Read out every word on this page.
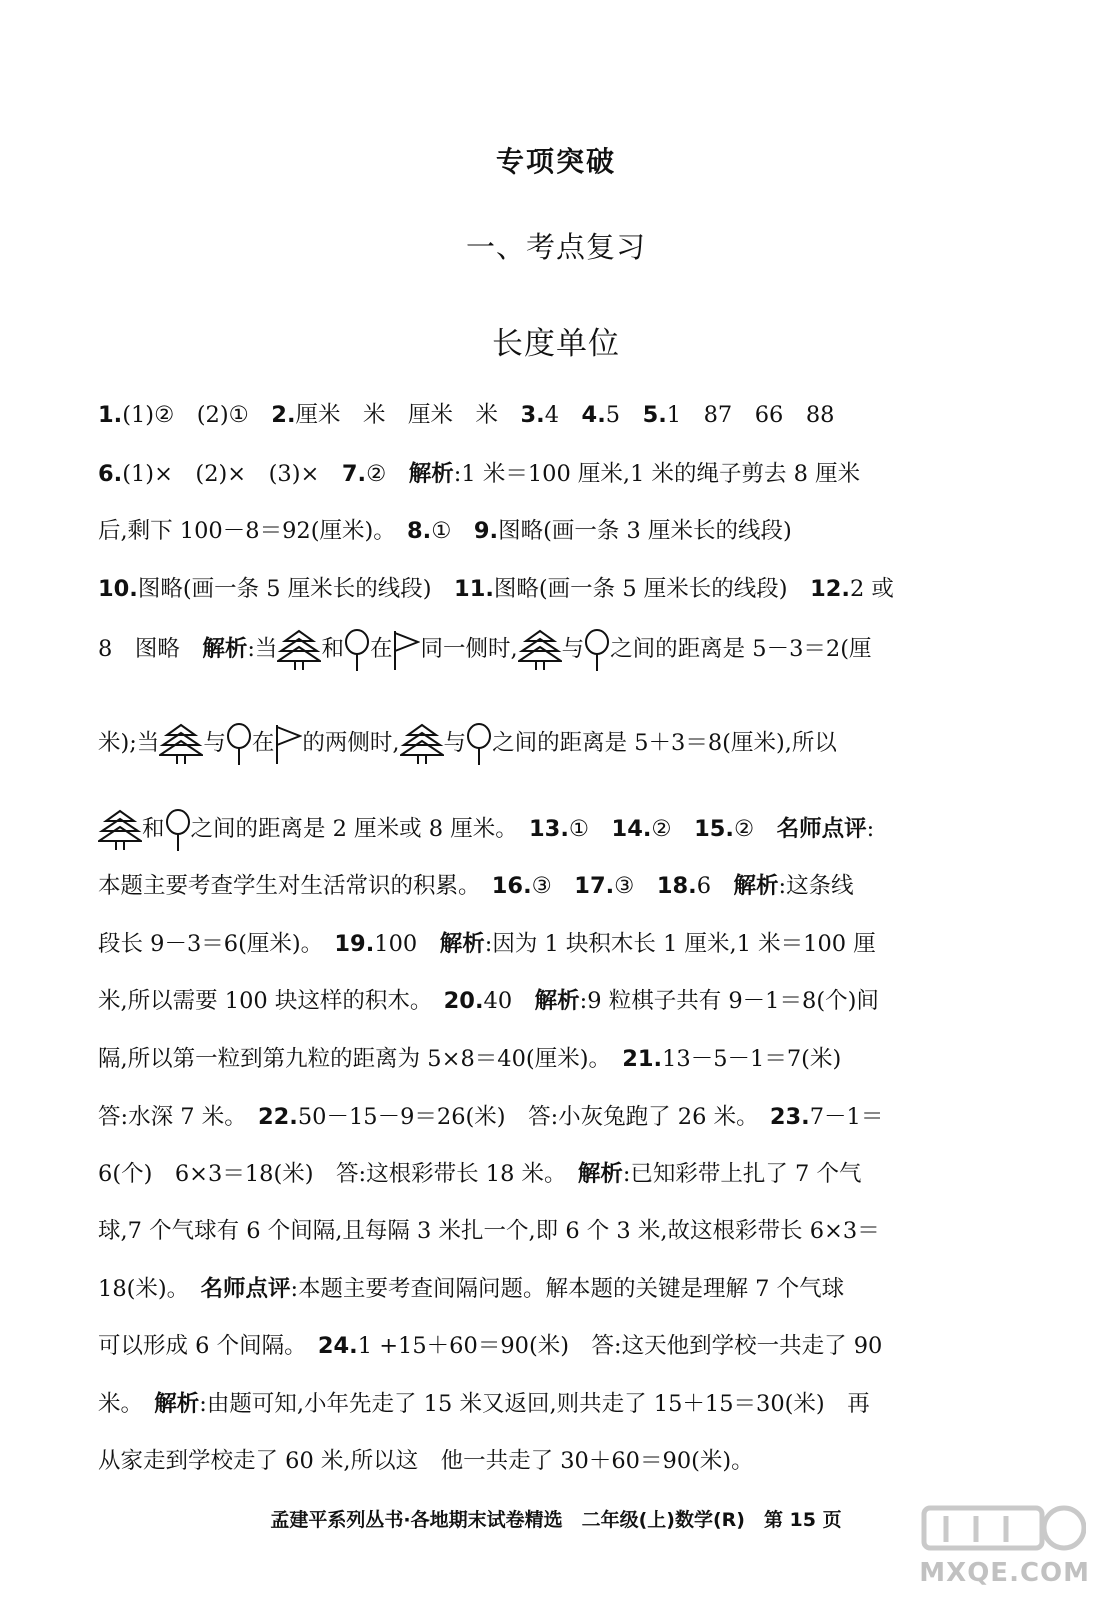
专项突破
一、考点复习
长度单位
1.(1)②　(2)①　2.厘米　米　厘米　米　3.4　4.5　5.1　87　66　88
6.(1)×　(2)×　(3)×　7.②　解析:1 米＝100 厘米,1 米的绳子剪去 8 厘米
后,剩下 100－8＝92(厘米)。　8.①　9.图略(画一条 3 厘米长的线段)
10.图略(画一条 5 厘米长的线段)　11.图略(画一条 5 厘米长的线段)　12.2 或
8　图略　解析:当 和 在 同一侧时, 与 之间的距离是 5－3＝2(厘
米);当 与 在 的两侧时, 与 之间的距离是 5＋3＝8(厘米),所以
和 之间的距离是 2 厘米或 8 厘米。　13.①　14.②　15.②　名师点评:
本题主要考查学生对生活常识的积累。　16.③　17.③　18.6　解析:这条线
段长 9－3＝6(厘米)。　19.100　解析:因为 1 块积木长 1 厘米,1 米＝100 厘
米,所以需要 100 块这样的积木。　20.40　解析:9 粒棋子共有 9－1＝8(个)间
隔,所以第一粒到第九粒的距离为 5×8＝40(厘米)。　21.13－5－1＝7(米)
答:水深 7 米。　22.50－15－9＝26(米)　答:小灰兔跑了 26 米。　23.7－1＝
6(个)　6×3＝18(米)　答:这根彩带长 18 米。　解析:已知彩带上扎了 7 个气
球,7 个气球有 6 个间隔,且每隔 3 米扎一个,即 6 个 3 米,故这根彩带长 6×3＝
18(米)。　名师点评:本题主要考查间隔问题。解本题的关键是理解 7 个气球
可以形成 6 个间隔。　24.1 +15＋60＝90(米)　答:这天他到学校一共走了 90
米。　解析:由题可知,小年先走了 15 米又返回,则共走了 15＋15＝30(米)　再
从家走到学校走了 60 米,所以这　他一共走了 30＋60＝90(米)。
孟建平系列丛书·各地期末试卷精选　二年级(上)数学(R)　第 15 页
MXQE.COM
